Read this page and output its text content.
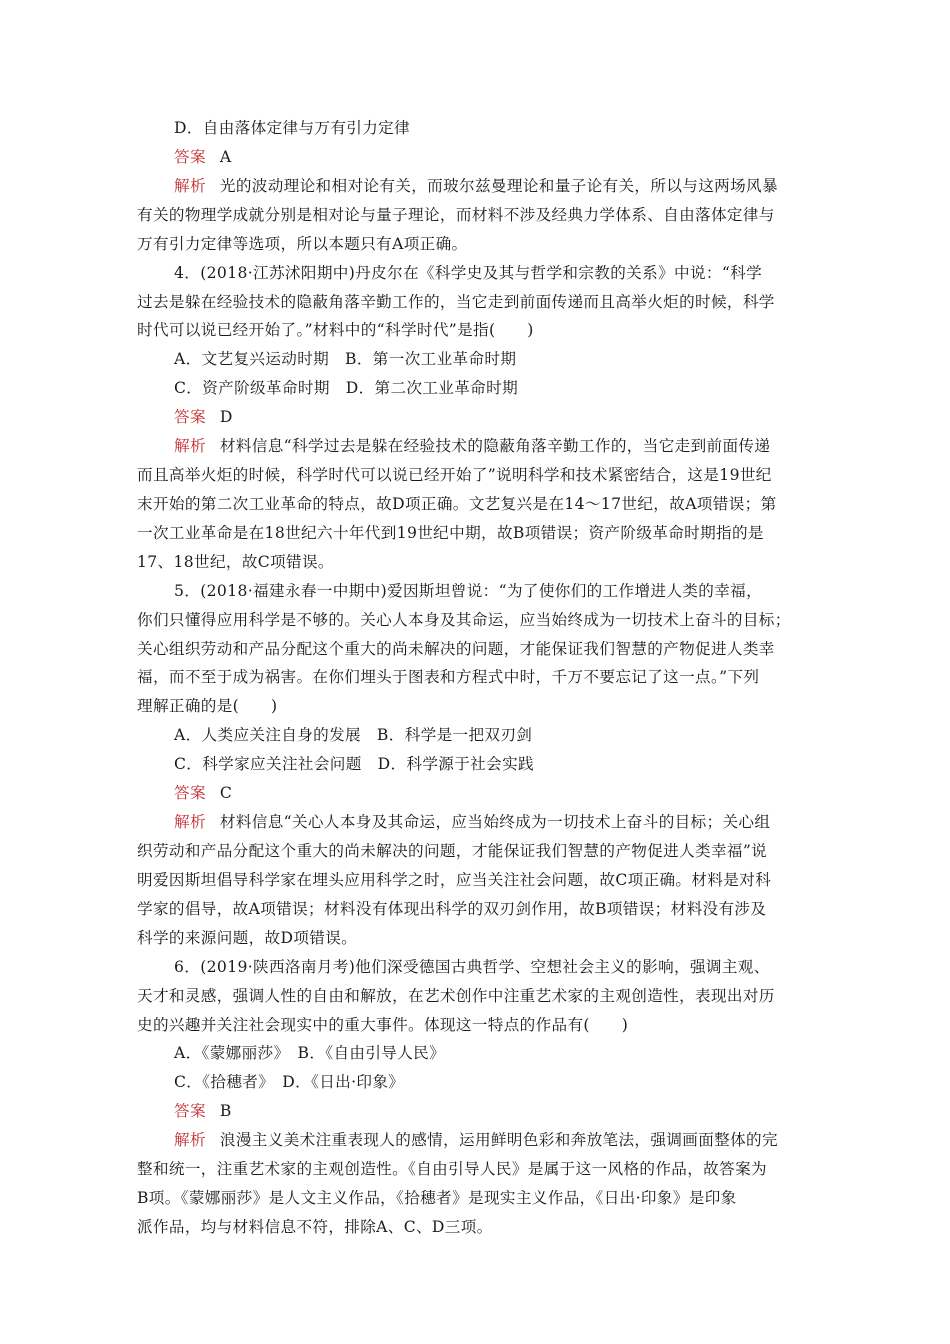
D．自由落体定律与万有引力定律
答案 A
解析 光的波动理论和相对论有关，而玻尔兹曼理论和量子论有关，所以与这两场风暴
有关的物理学成就分别是相对论与量子理论，而材料不涉及经典力学体系、自由落体定律与
万有引力定律等选项，所以本题只有A项正确。
4．(2018·江苏沭阳期中)丹皮尔在《科学史及其与哲学和宗教的关系》中说：“科学
过去是躲在经验技术的隐蔽角落辛勤工作的，当它走到前面传递而且高举火炬的时候，科学
时代可以说已经开始了。”材料中的“科学时代”是指(　　)
A．文艺复兴运动时期　B．第一次工业革命时期
C．资产阶级革命时期　D．第二次工业革命时期
答案 D
解析 材料信息“科学过去是躲在经验技术的隐蔽角落辛勤工作的，当它走到前面传递
而且高举火炬的时候，科学时代可以说已经开始了”说明科学和技术紧密结合，这是19世纪
末开始的第二次工业革命的特点，故D项正确。文艺复兴是在14～17世纪，故A项错误；第
一次工业革命是在18世纪六十年代到19世纪中期，故B项错误；资产阶级革命时期指的是
17、18世纪，故C项错误。
5．(2018·福建永春一中期中)爱因斯坦曾说：“为了使你们的工作增进人类的幸福，
你们只懂得应用科学是不够的。关心人本身及其命运，应当始终成为一切技术上奋斗的目标；
关心组织劳动和产品分配这个重大的尚未解决的问题，才能保证我们智慧的产物促进人类幸
福，而不至于成为祸害。在你们埋头于图表和方程式中时，千万不要忘记了这一点。”下列
理解正确的是(　　)
A．人类应关注自身的发展　B．科学是一把双刃剑
C．科学家应关注社会问题　D．科学源于社会实践
答案 C
解析 材料信息“关心人本身及其命运，应当始终成为一切技术上奋斗的目标；关心组
织劳动和产品分配这个重大的尚未解决的问题，才能保证我们智慧的产物促进人类幸福”说
明爱因斯坦倡导科学家在埋头应用科学之时，应当关注社会问题，故C项正确。材料是对科
学家的倡导，故A项错误；材料没有体现出科学的双刃剑作用，故B项错误；材料没有涉及
科学的来源问题，故D项错误。
6．(2019·陕西洛南月考)他们深受德国古典哲学、空想社会主义的影响，强调主观、
天才和灵感，强调人性的自由和解放，在艺术创作中注重艺术家的主观创造性，表现出对历
史的兴趣并关注社会现实中的重大事件。体现这一特点的作品有(　　)
A．《蒙娜丽莎》　B．《自由引导人民》
C．《拾穗者》　D．《日出·印象》
答案 B
解析 浪漫主义美术注重表现人的感情，运用鲜明色彩和奔放笔法，强调画面整体的完
整和统一，注重艺术家的主观创造性。《自由引导人民》是属于这一风格的作品，故答案为
B项。《蒙娜丽莎》是人文主义作品，《拾穗者》是现实主义作品，《日出·印象》是印象
派作品，均与材料信息不符，排除A、C、D三项。
